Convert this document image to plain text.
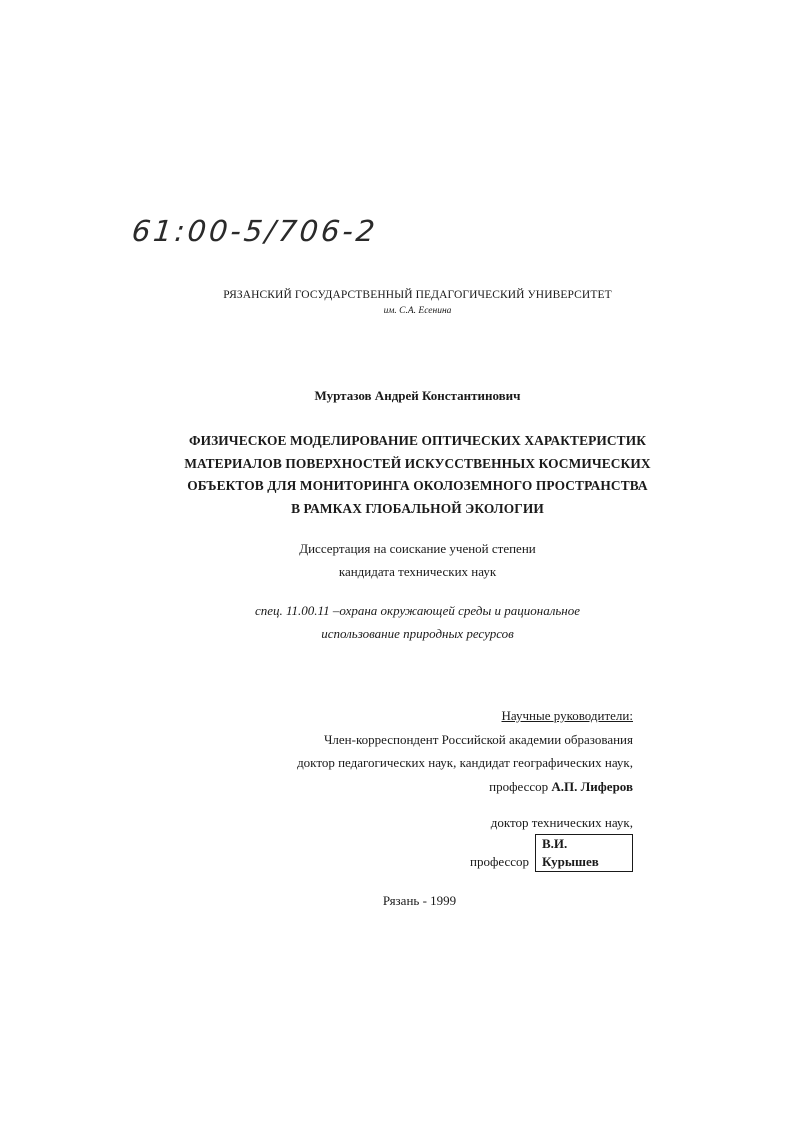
61:00-5/706-2
РЯЗАНСКИЙ ГОСУДАРСТВЕННЫЙ ПЕДАГОГИЧЕСКИЙ УНИВЕРСИТЕТ
им. С.А. Есенина
Муртазов Андрей Константинович
ФИЗИЧЕСКОЕ МОДЕЛИРОВАНИЕ ОПТИЧЕСКИХ ХАРАКТЕРИСТИК
МАТЕРИАЛОВ ПОВЕРХНОСТЕЙ ИСКУССТВЕННЫХ КОСМИЧЕСКИХ
ОБЪЕКТОВ ДЛЯ МОНИТОРИНГА ОКОЛОЗЕМНОГО ПРОСТРАНСТВА
В РАМКАХ ГЛОБАЛЬНОЙ ЭКОЛОГИИ
Диссертация на соискание ученой степени
кандидата технических наук
спец. 11.00.11 –охрана окружающей среды и рациональное
использование природных ресурсов
Научные руководители:
Член-корреспондент Российской академии образования
доктор педагогических наук, кандидат географических наук,
профессор А.П. Лиферов
доктор технических наук,
профессорВ.И. Курышев
Рязань - 1999
